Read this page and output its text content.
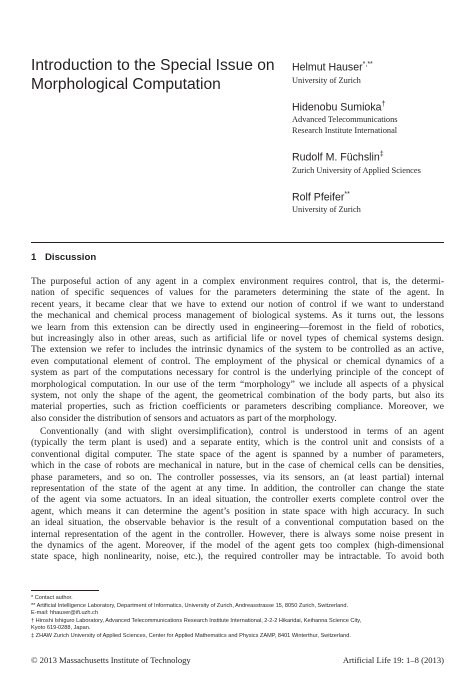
Introduction to the Special Issue on
Morphological Computation
Helmut Hauser*,**
University of Zurich
Hidenobu Sumioka†
Advanced Telecommunications
Research Institute International
Rudolf M. Füchslin‡
Zurich University of Applied Sciences
Rolf Pfeifer**
University of Zurich
1 Discussion
The purposeful action of any agent in a complex environment requires control, that is, the determi-
nation of specific sequences of values for the parameters determining the state of the agent. In
recent years, it became clear that we have to extend our notion of control if we want to understand
the mechanical and chemical process management of biological systems. As it turns out, the lessons
we learn from this extension can be directly used in engineering—foremost in the field of robotics,
but increasingly also in other areas, such as artificial life or novel types of chemical systems design.
The extension we refer to includes the intrinsic dynamics of the system to be controlled as an active,
even computational element of control. The employment of the physical or chemical dynamics of a
system as part of the computations necessary for control is the underlying principle of the concept of
morphological computation. In our use of the term “morphology” we include all aspects of a physical
system, not only the shape of the agent, the geometrical combination of the body parts, but also its
material properties, such as friction coefficients or parameters describing compliance. Moreover, we
also consider the distribution of sensors and actuators as part of the morphology.
Conventionally (and with slight oversimplification), control is understood in terms of an agent
(typically the term plant is used) and a separate entity, which is the control unit and consists of a
conventional digital computer. The state space of the agent is spanned by a number of parameters,
which in the case of robots are mechanical in nature, but in the case of chemical cells can be densities,
phase parameters, and so on. The controller possesses, via its sensors, an (at least partial) internal
representation of the state of the agent at any time. In addition, the controller can change the state
of the agent via some actuators. In an ideal situation, the controller exerts complete control over the
agent, which means it can determine the agent’s position in state space with high accuracy. In such
an ideal situation, the observable behavior is the result of a conventional computation based on the
internal representation of the agent in the controller. However, there is always some noise present in
the dynamics of the agent. Moreover, if the model of the agent gets too complex (high-dimensional
state space, high nonlinearity, noise, etc.), the required controller may be intractable. To avoid both
* Contact author.
** Artificial Intelligence Laboratory, Department of Informatics, University of Zurich, Andreasstrasse 15, 8050 Zurich, Switzerland.
E-mail: hhauser@ifi.uzh.ch
† Hiroshi Ishiguro Laboratory, Advanced Telecommunications Research Institute International, 2-2-2 Hikaridai, Keihanna Science City,
Kyoto 619-0288, Japan.
‡ ZHAW Zurich University of Applied Sciences, Center for Applied Mathematics and Physics ZAMP, 8401 Winterthur, Switzerland.
© 2013 Massachusetts Institute of Technology	Artificial Life 19: 1–8 (2013)
